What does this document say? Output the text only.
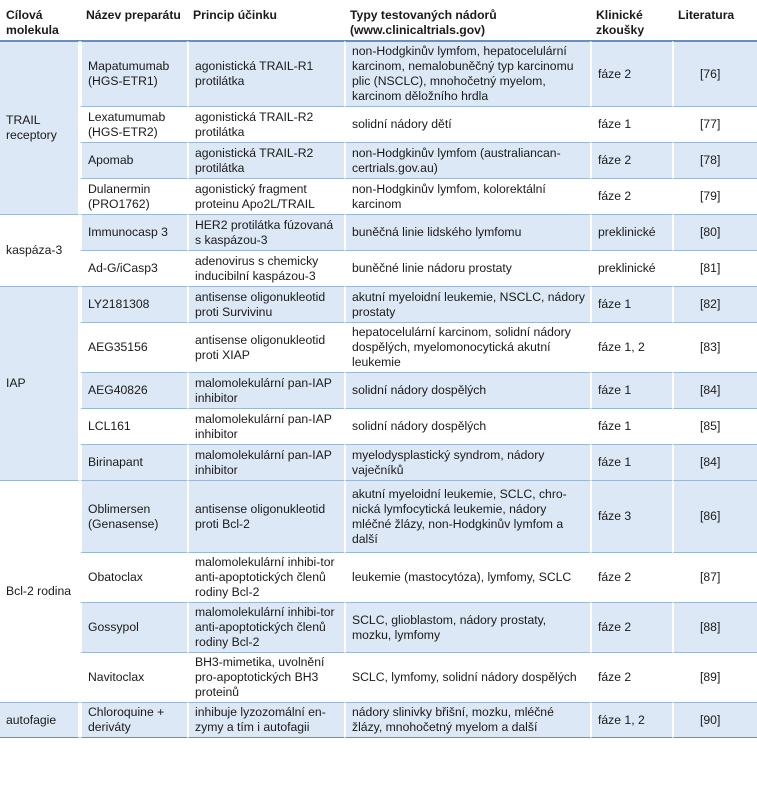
Cílová molekula	Název preparátu	Princip účinku	Typy testovaných nádorů (www.clinicaltrials.gov)	Klinické zkoušky	Literatura
TRAIL receptory	Mapatumumab (HGS-ETR1)	agonistická TRAIL-R1 protilátka	non-Hodgkinův lymfom, hepatocelulární karcinom, nemalobuněčný typ karcinomu plic (NSCLC), mnohočetný myelom, karcinom děložního hrdla	fáze 2	[76]
	Lexatumumab (HGS-ETR2)	agonistická TRAIL-R2 protilátka	solidní nádory dětí	fáze 1	[77]
	Apomab	agonistická TRAIL-R2 protilátka	non-Hodgkinův lymfom (australiancan-certrials.gov.au)	fáze 2	[78]
	Dulanermin (PRO1762)	agonistický fragment proteinu Apo2L/TRAIL	non-Hodgkinův lymfom, kolorektální karcinom	fáze 2	[79]
kaspáza-3	Immunocasp 3	HER2 protilátka fúzovaná s kaspázou-3	buněčná linie lidského lymfomu	preklinické	[80]
	Ad-G/iCasp3	adenovirus s chemicky inducibilní kaspázou-3	buněčné linie nádoru prostaty	preklinické	[81]
IAP	LY2181308	antisense oligonukleotid proti Survivinu	akutní myeloidní leukemie, NSCLC, nádory prostaty	fáze 1	[82]
	AEG35156	antisense oligonukleotid proti XIAP	hepatocelulární karcinom, solidní nádory dospělých, myelomonocytická akutní leukemie	fáze 1, 2	[83]
	AEG40826	malomolekulární pan-IAP inhibitor	solidní nádory dospělých	fáze 1	[84]
	LCL161	malomolekulární pan-IAP inhibitor	solidní nádory dospělých	fáze 1	[85]
	Birinapant	malomolekulární pan-IAP inhibitor	myelodysplastický syndrom, nádory vaječníků	fáze 1	[84]
Bcl-2 rodina	Oblimersen (Genasense)	antisense oligonukleotid proti Bcl-2	akutní myeloidní leukemie, SCLC, chro-nická lymfocytická leukemie, nádory mléčné žlázy, non-Hodgkinův lymfom a další	fáze 3	[86]
	Obatoclax	malomolekulární inhibi-tor anti-apoptotických členů rodiny Bcl-2	leukemie (mastocytóza), lymfomy, SCLC	fáze 2	[87]
	Gossypol	malomolekulární inhibi-tor anti-apoptotických členů rodiny Bcl-2	SCLC, glioblastom, nádory prostaty, mozku, lymfomy	fáze 2	[88]
	Navitoclax	BH3-mimetika, uvolnění pro-apoptotických BH3 proteinů	SCLC, lymfomy, solidní nádory dospělých	fáze 2	[89]
autofagie	Chloroquine + deriváty	inhibuje lyzozomální en-zymy a tím i autofagii	nádory slinivky břišní, mozku, mléčné žlázy, mnohočetný myelom a další	fáze 1, 2	[90]
